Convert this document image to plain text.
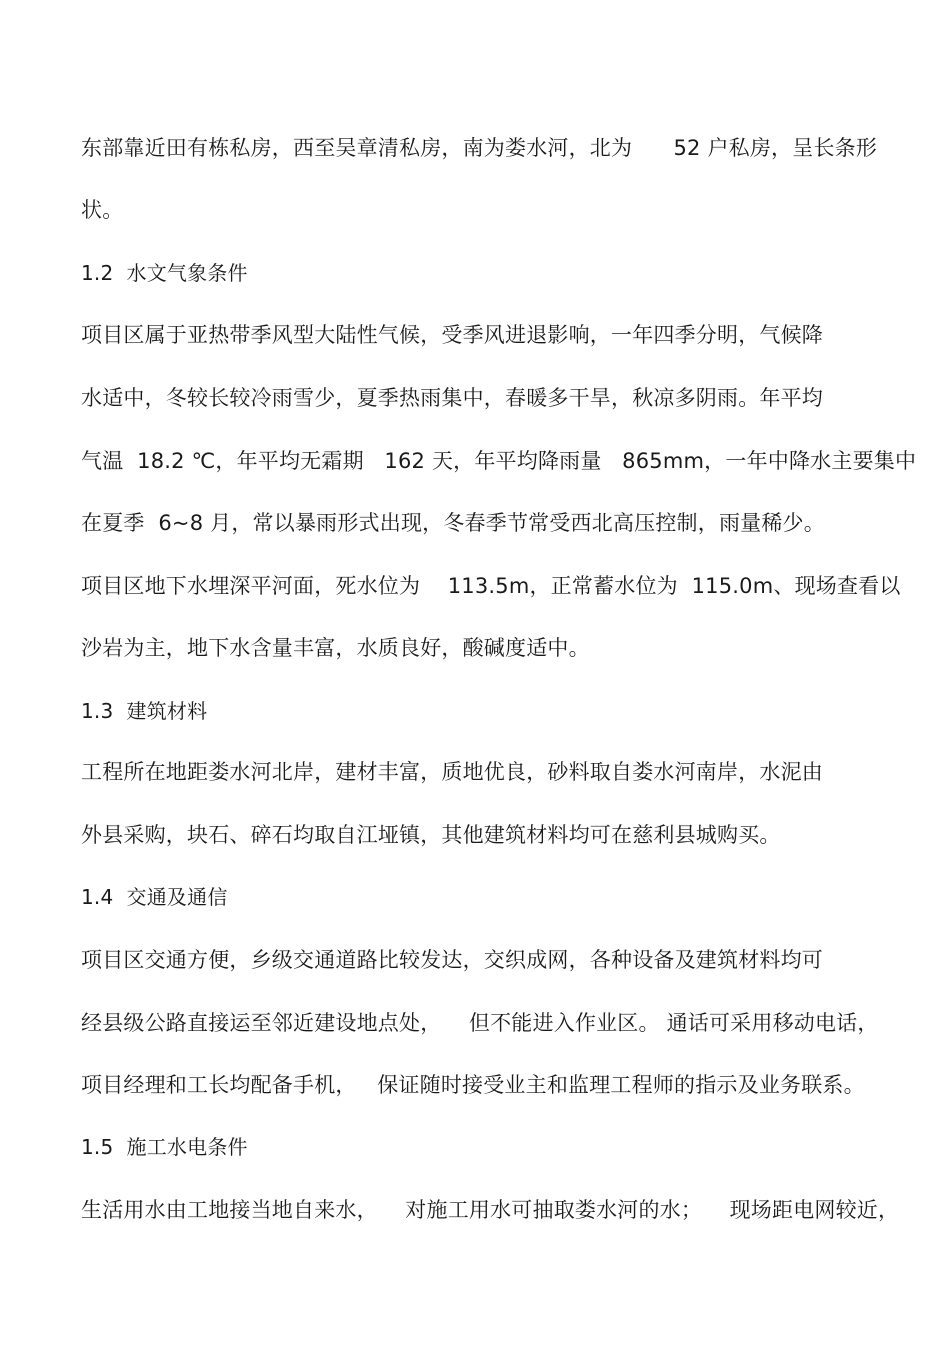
东部靠近田有栋私房，西至吴章清私房，南为娄水河，北为      52 户私房，呈长条形
状。
1.2  水文气象条件
项目区属于亚热带季风型大陆性气候，受季风进退影响，一年四季分明，气候降
水适中，冬较长较冷雨雪少，夏季热雨集中，春暖多干旱，秋凉多阴雨。年平均
气温  18.2 ℃，年平均无霜期   162 天，年平均降雨量   865mm，一年中降水主要集中
在夏季  6~8 月，常以暴雨形式出现，冬春季节常受西北高压控制，雨量稀少。
项目区地下水埋深平河面，死水位为    113.5m，正常蓄水位为  115.0m、现场查看以
沙岩为主，地下水含量丰富，水质良好，酸碱度适中。
1.3  建筑材料
工程所在地距娄水河北岸，建材丰富，质地优良，砂料取自娄水河南岸，水泥由
外县采购，块石、碎石均取自江垭镇，其他建筑材料均可在慈利县城购买。
1.4  交通及通信
项目区交通方便，乡级交通道路比较发达，交织成网，各种设备及建筑材料均可
经县级公路直接运至邻近建设地点处，    但不能进入作业区。 通话可采用移动电话，
项目经理和工长均配备手机，   保证随时接受业主和监理工程师的指示及业务联系。
1.5  施工水电条件
生活用水由工地接当地自来水，    对施工用水可抽取娄水河的水；    现场距电网较近，
